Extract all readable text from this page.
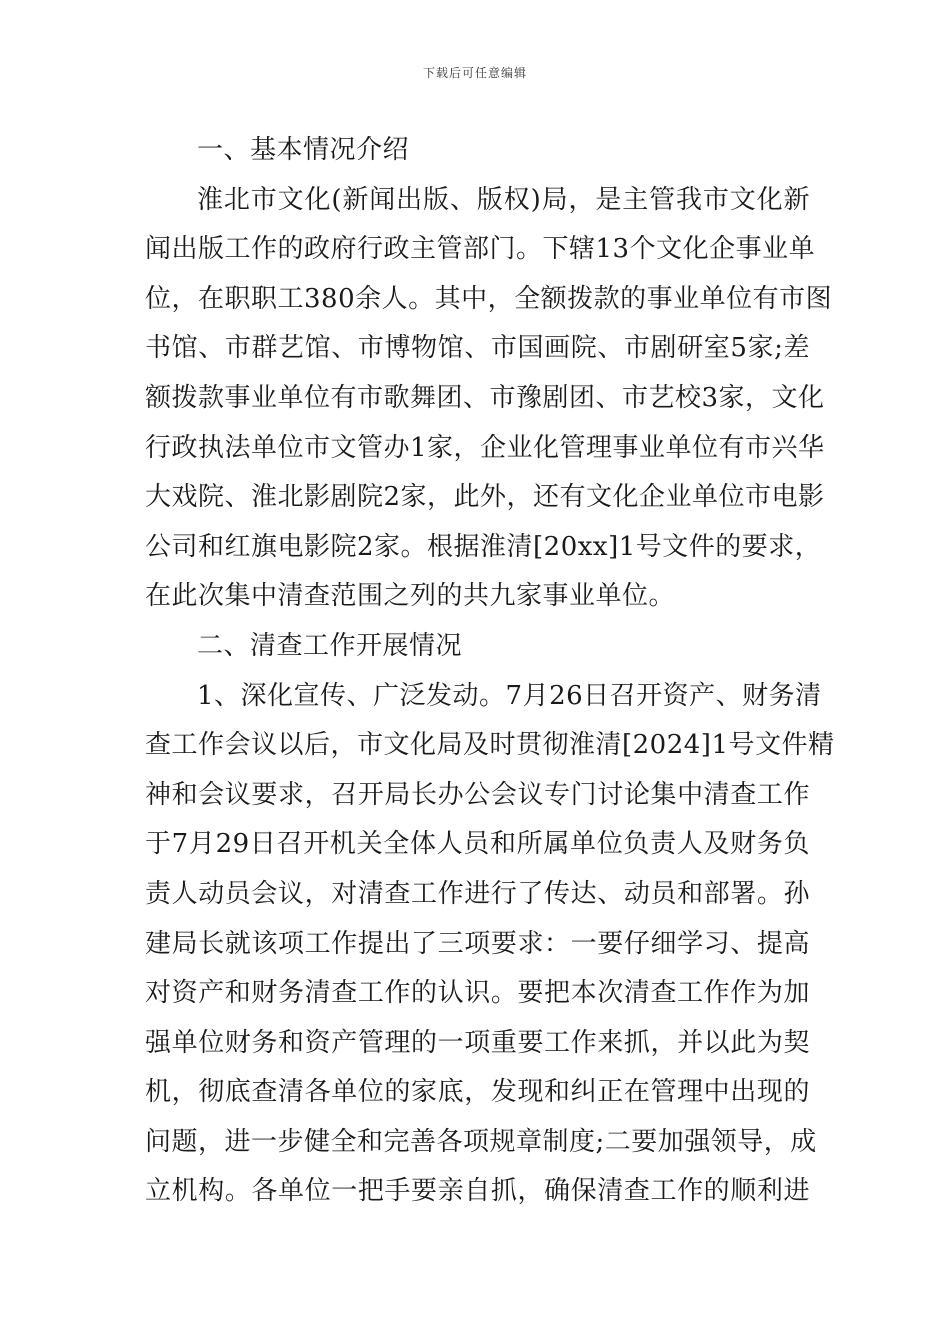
下载后可任意编辑
一、基本情况介绍
淮北市文化(新闻出版、版权)局，是主管我市文化新
闻出版工作的政府行政主管部门。下辖13个文化企事业单
位，在职职工380余人。其中，全额拨款的事业单位有市图
书馆、市群艺馆、市博物馆、市国画院、市剧研室5家;差
额拨款事业单位有市歌舞团、市豫剧团、市艺校3家，文化
行政执法单位市文管办1家，企业化管理事业单位有市兴华
大戏院、淮北影剧院2家，此外，还有文化企业单位市电影
公司和红旗电影院2家。根据淮清[20xx]1号文件的要求，
在此次集中清查范围之列的共九家事业单位。
二、清查工作开展情况
1、深化宣传、广泛发动。7月26日召开资产、财务清
查工作会议以后，市文化局及时贯彻淮清[2024]1号文件精
神和会议要求，召开局长办公会议专门讨论集中清查工作
于7月29日召开机关全体人员和所属单位负责人及财务负
责人动员会议，对清查工作进行了传达、动员和部署。孙
建局长就该项工作提出了三项要求：一要仔细学习、提高
对资产和财务清查工作的认识。要把本次清查工作作为加
强单位财务和资产管理的一项重要工作来抓，并以此为契
机，彻底查清各单位的家底，发现和纠正在管理中出现的
问题，进一步健全和完善各项规章制度;二要加强领导，成
立机构。各单位一把手要亲自抓，确保清查工作的顺利进
